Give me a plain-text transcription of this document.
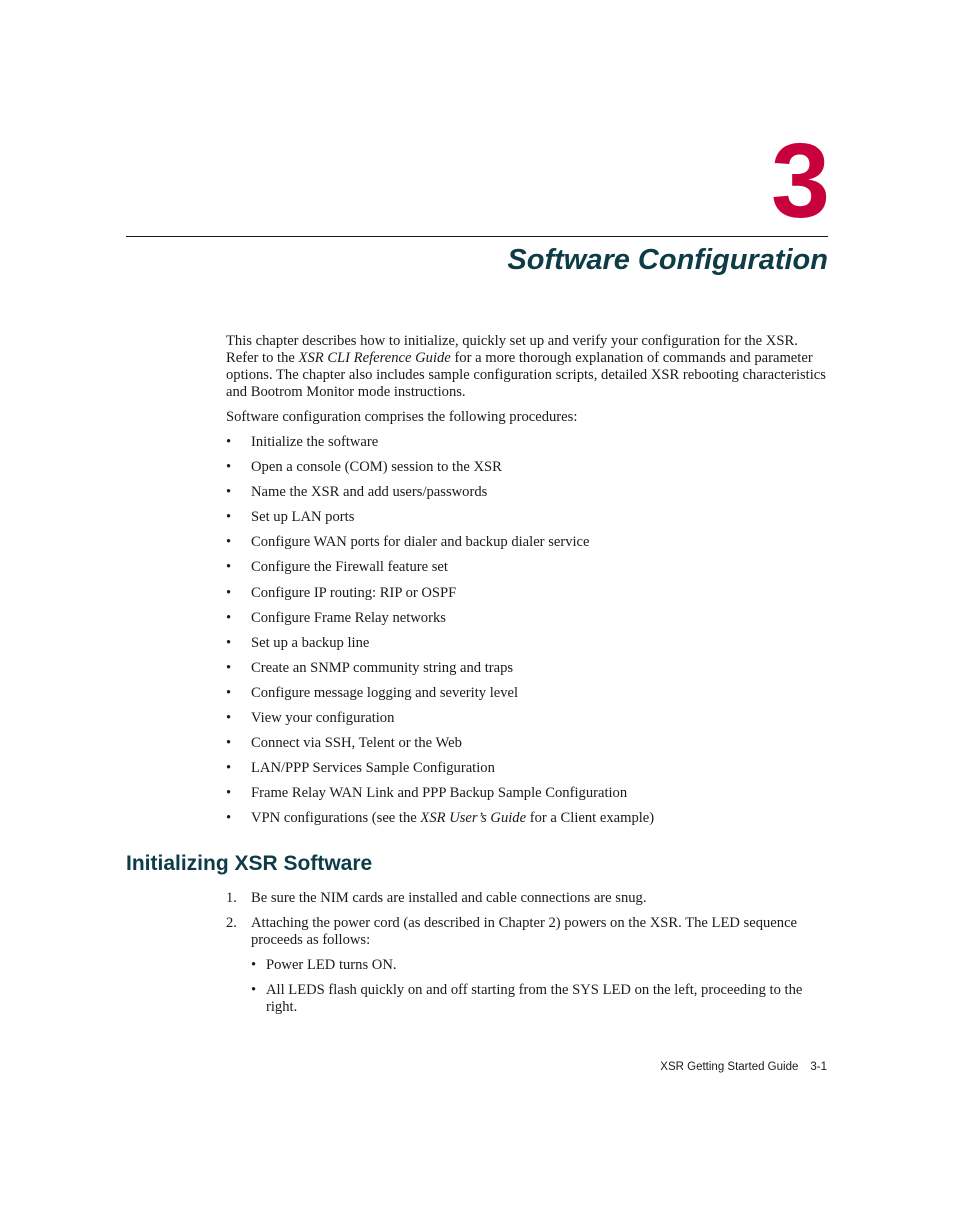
3
Software Configuration

This chapter describes how to initialize, quickly set up and verify your configuration for the XSR. Refer to the XSR CLI Reference Guide for a more thorough explanation of commands and parameter options. The chapter also includes sample configuration scripts, detailed XSR rebooting characteristics and Bootrom Monitor mode instructions.

Software configuration comprises the following procedures:

• Initialize the software
• Open a console (COM) session to the XSR
• Name the XSR and add users/passwords
• Set up LAN ports
• Configure WAN ports for dialer and backup dialer service
• Configure the Firewall feature set
• Configure IP routing: RIP or OSPF
• Configure Frame Relay networks
• Set up a backup line
• Create an SNMP community string and traps
• Configure message logging and severity level
• View your configuration
• Connect via SSH, Telent or the Web
• LAN/PPP Services Sample Configuration
• Frame Relay WAN Link and PPP Backup Sample Configuration
• VPN configurations (see the XSR User’s Guide for a Client example)
Initializing XSR Software
1. Be sure the NIM cards are installed and cable connections are snug.
2. Attaching the power cord (as described in Chapter 2) powers on the XSR. The LED sequence proceeds as follows:
• Power LED turns ON.
• All LEDS flash quickly on and off starting from the SYS LED on the left, proceeding to the right.
XSR Getting Started Guide 3-1
